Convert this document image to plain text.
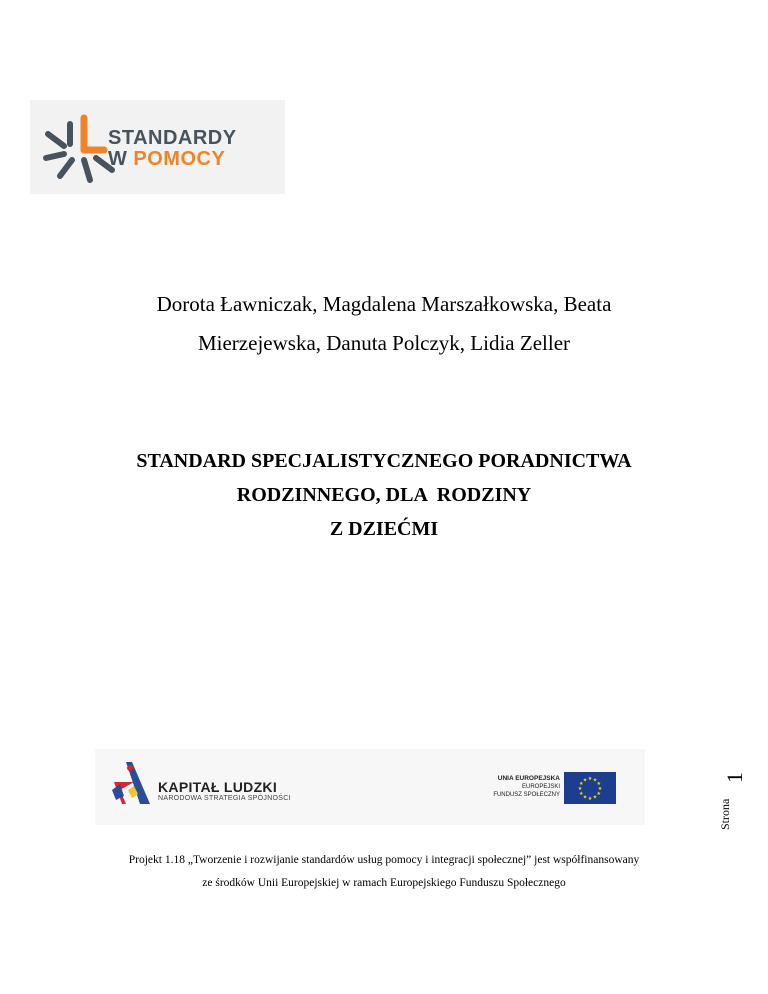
STANDARDY
W POMOCY
Dorota Ławniczak, Magdalena Marszałkowska, Beata
Mierzejewska, Danuta Polczyk, Lidia Zeller
STANDARD SPECJALISTYCZNEGO PORADNICTWA
RODZINNEGO, DLA  RODZINY
Z DZIEĆMI
KAPITAŁ LUDZKI
NARODOWA STRATEGIA SPÓJNOŚCI
UNIA EUROPEJSKA
EUROPEJSKI
FUNDUSZ SPOŁECZNY
★
★
★
★
★
★
★
★
★ ★ ★
★
1
Strona
Projekt 1.18 „Tworzenie i rozwijanie standardów usług pomocy i integracji społecznej” jest współfinansowany
ze środków Unii Europejskiej w ramach Europejskiego Funduszu Społecznego
